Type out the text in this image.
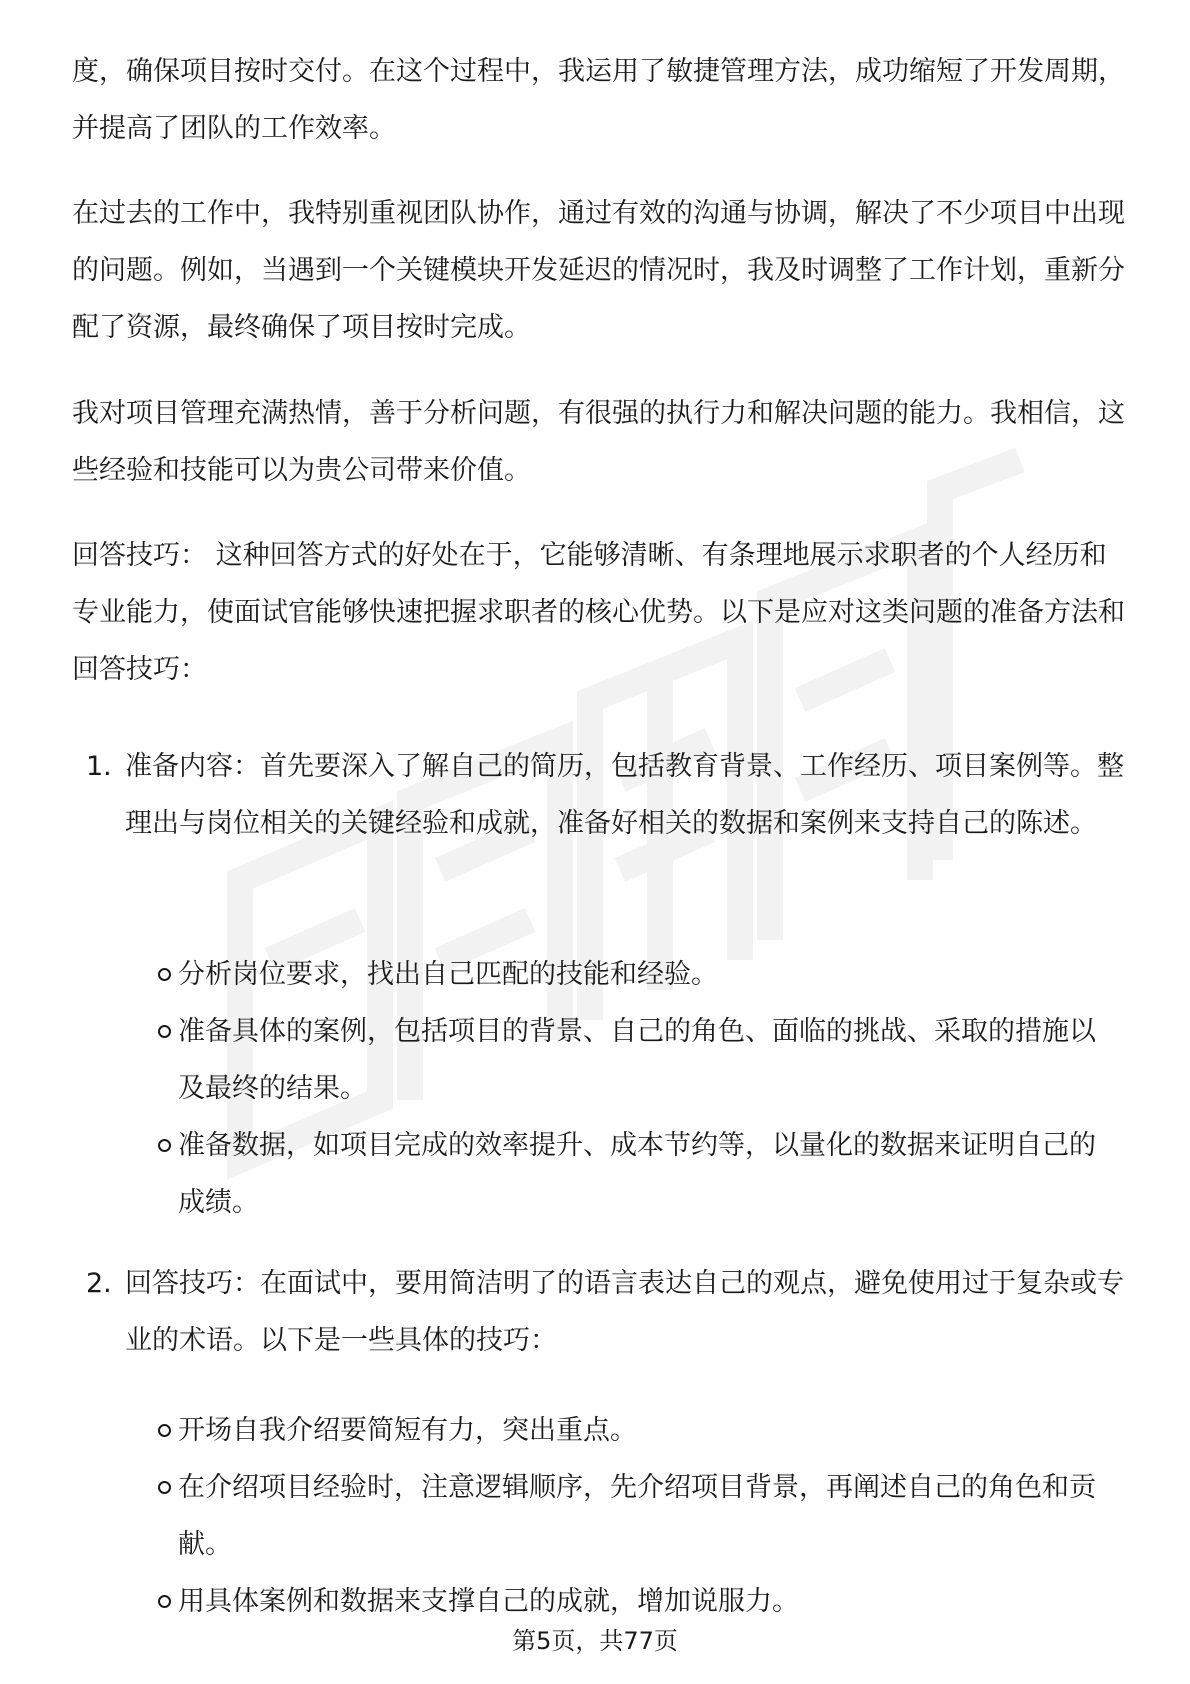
度，确保项目按时交付。在这个过程中，我运用了敏捷管理方法，成功缩短了开发周期，并提高了团队的工作效率。

在过去的工作中，我特别重视团队协作，通过有效的沟通与协调，解决了不少项目中出现的问题。例如，当遇到一个关键模块开发延迟的情况时，我及时调整了工作计划，重新分配了资源，最终确保了项目按时完成。

我对项目管理充满热情，善于分析问题，有很强的执行力和解决问题的能力。我相信，这些经验和技能可以为贵公司带来价值。

回答技巧： 这种回答方式的好处在于，它能够清晰、有条理地展示求职者的个人经历和专业能力，使面试官能够快速把握求职者的核心优势。以下是应对这类问题的准备方法和回答技巧：

1. 准备内容：首先要深入了解自己的简历，包括教育背景、工作经历、项目案例等。整理出与岗位相关的关键经验和成就，准备好相关的数据和案例来支持自己的陈述。

分析岗位要求，找出自己匹配的技能和经验。

准备具体的案例，包括项目的背景、自己的角色、面临的挑战、采取的措施以及最终的结果。

准备数据，如项目完成的效率提升、成本节约等，以量化的数据来证明自己的成绩。

2. 回答技巧：在面试中，要用简洁明了的语言表达自己的观点，避免使用过于复杂或专业的术语。以下是一些具体的技巧：

开场自我介绍要简短有力，突出重点。

在介绍项目经验时，注意逻辑顺序，先介绍项目背景，再阐述自己的角色和贡献。

用具体案例和数据来支撑自己的成就，增加说服力。

第5页，共77页
